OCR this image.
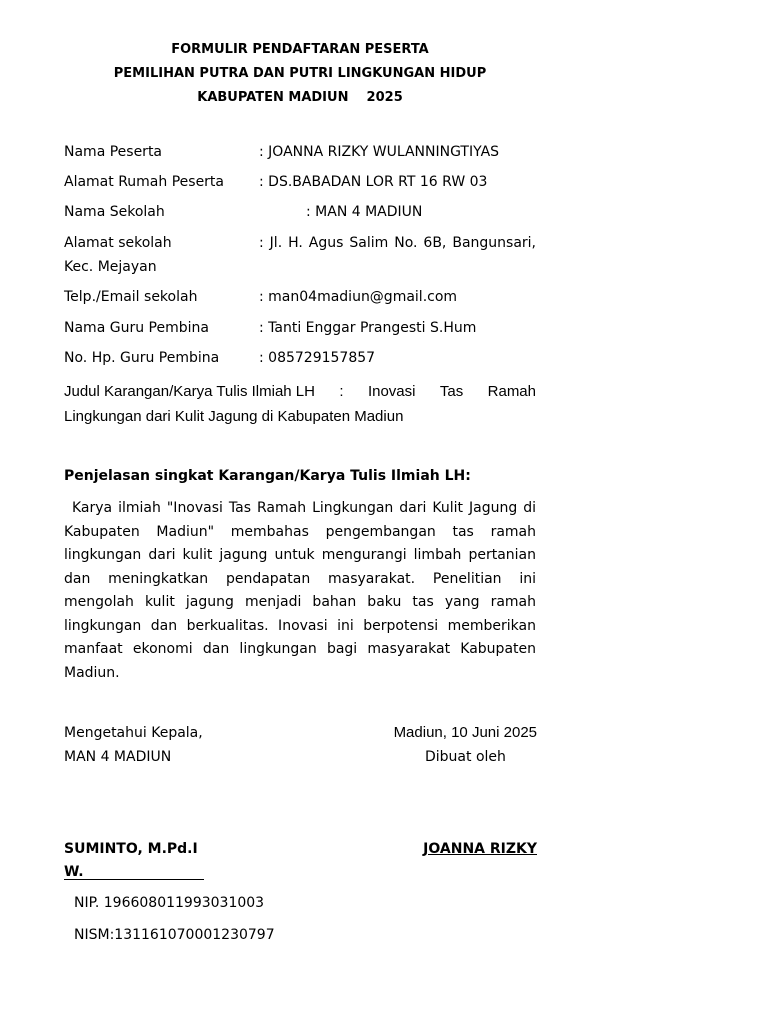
FORMULIR PENDAFTARAN PESERTA
PEMILIHAN PUTRA DAN PUTRI LINGKUNGAN HIDUP
KABUPATEN MADIUN    2025
Nama Peserta	: JOANNA RIZKY WULANNINGTIYAS
Alamat Rumah Peserta : DS.BABADAN LOR RT 16 RW 03
Nama Sekolah	: MAN 4 MADIUN
Alamat sekolah	: Jl. H. Agus Salim No. 6B, Bangunsari,
Kec. Mejayan
Telp./Email sekolah	: man04madiun@gmail.com
Nama Guru Pembina	: Tanti Enggar Prangesti S.Hum
No. Hp. Guru Pembina	: 085729157857
Judul Karangan/Karya Tulis Ilmiah LH : Inovasi Tas Ramah
Lingkungan dari Kulit Jagung di Kabupaten Madiun
Penjelasan singkat Karangan/Karya Tulis Ilmiah LH:
Karya ilmiah "Inovasi Tas Ramah Lingkungan dari Kulit Jagung di Kabupaten Madiun" membahas pengembangan tas ramah lingkungan dari kulit jagung untuk mengurangi limbah pertanian dan meningkatkan pendapatan masyarakat. Penelitian ini mengolah kulit jagung menjadi bahan baku tas yang ramah lingkungan dan berkualitas. Inovasi ini berpotensi memberikan manfaat ekonomi dan lingkungan bagi masyarakat Kabupaten Madiun.
Mengetahui Kepala,
MAN 4 MADIUN
Madiun, 10 Juni 2025
Dibuat oleh
SUMINTO, M.Pd.I
W.
JOANNA RIZKY
NIP. 196608011993031003
NISM:131161070001230797
